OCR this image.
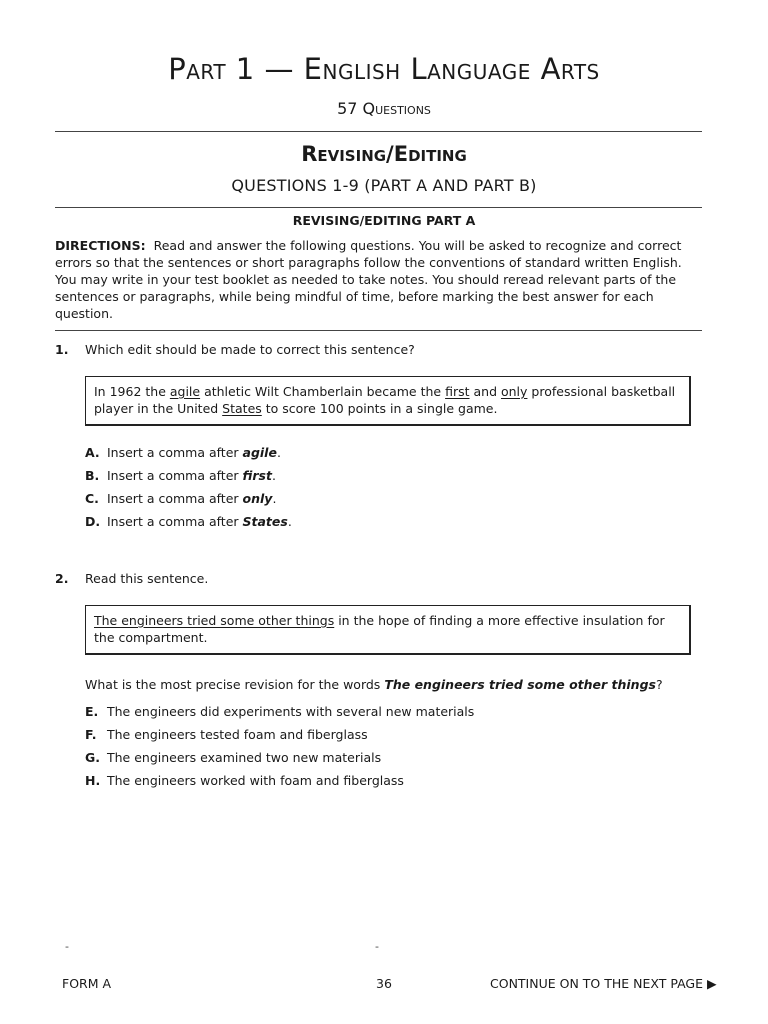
Part 1 — English Language Arts
57 Questions
Revising/Editing
QUESTIONS 1-9 (PART A AND PART B)
REVISING/EDITING PART A
DIRECTIONS: Read and answer the following questions. You will be asked to recognize and correct errors so that the sentences or short paragraphs follow the conventions of standard written English. You may write in your test booklet as needed to take notes. You should reread relevant parts of the sentences or paragraphs, while being mindful of time, before marking the best answer for each question.
1. Which edit should be made to correct this sentence?
In 1962 the agile athletic Wilt Chamberlain became the first and only professional basketball player in the United States to score 100 points in a single game.
A. Insert a comma after agile.
B. Insert a comma after first.
C. Insert a comma after only.
D. Insert a comma after States.
2. Read this sentence.
The engineers tried some other things in the hope of finding a more effective insulation for the compartment.
What is the most precise revision for the words The engineers tried some other things?
E. The engineers did experiments with several new materials
F. The engineers tested foam and fiberglass
G. The engineers examined two new materials
H. The engineers worked with foam and fiberglass
-	-
FORM A	36	CONTINUE ON TO THE NEXT PAGE ▶
